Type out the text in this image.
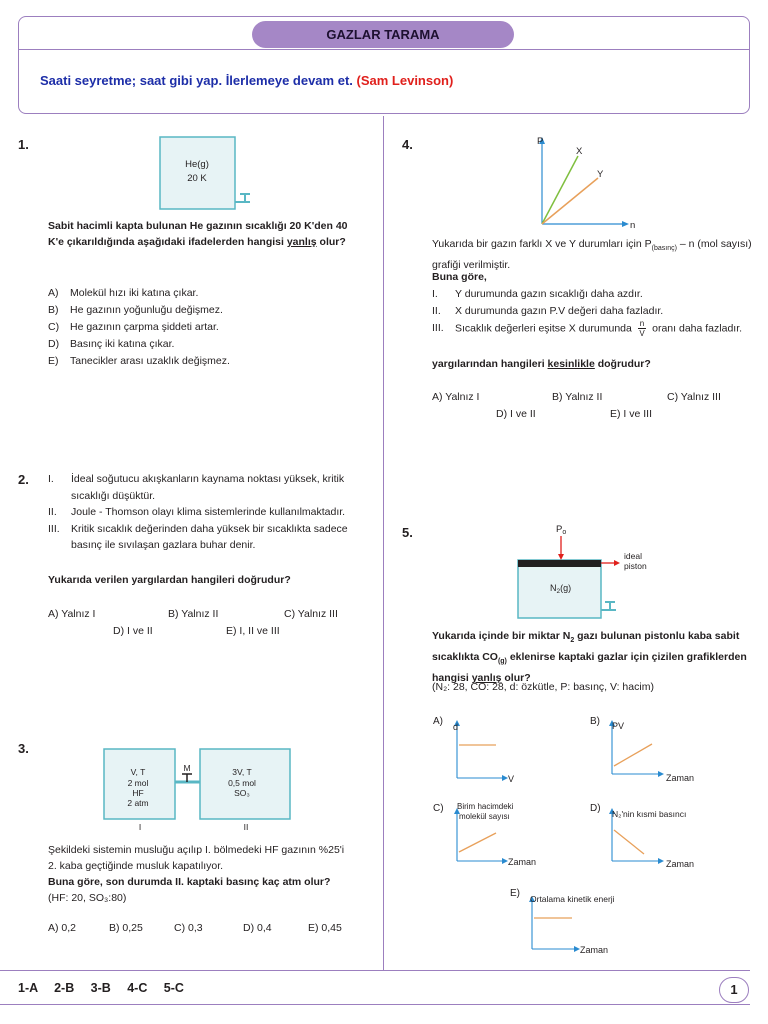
GAZLAR TARAMA
Saati seyretme; saat gibi yap. İlerlemeye devam et. (Sam Levinson)
1.
He(g)
20 K
Sabit hacimli kapta bulunan He gazının sıcaklığı 20 K'den 40 K'e çıkarıldığında aşağıdaki ifadelerden hangisi yanlış olur?
A) Molekül hızı iki katına çıkar.
B) He gazının yoğunluğu değişmez.
C) He gazının çarpma şiddeti artar.
D) Basınç iki katına çıkar.
E) Tanecikler arası uzaklık değişmez.
2. I. İdeal soğutucu akışkanların kaynama noktası yüksek, kritik sıcaklığı düşüktür.
II. Joule - Thomson olayı klima sistemlerinde kullanılmaktadır.
III. Kritik sıcaklık değerinden daha yüksek bir sıcaklıkta sadece basınç ile sıvılaşan gazlara buhar denir.
Yukarıda verilen yargılardan hangileri doğrudur?
A) Yalnız I	B) Yalnız II	C) Yalnız III
D) I ve II	E) I, II ve III
3.
M
V, T
2 mol
HF
2 atm
3V, T
0,5 mol
SO₃
I	II
Şekildeki sistemin musluğu açılıp I. bölmedeki HF gazının %25'i 2. kaba geçtiğinde musluk kapatılıyor.
Buna göre, son durumda II. kaptaki basınç kaç atm olur?
(HF: 20, SO₃:80)
A) 0,2	B) 0,25	C) 0,3	D) 0,4	E) 0,45
4.	P
n
X
Y
Yukarıda bir gazın farklı X ve Y durumları için $P_{(basınç)}$ – n (mol sayısı) grafiği verilmiştir.
Buna göre,
I. Y durumunda gazın sıcaklığı daha azdır.
II. X durumunda gazın P.V değeri daha fazladır.
III. Sıcaklık değerleri eşitse X durumunda $\frac{n}{V}$ oranı daha fazladır.
yargılarından hangileri kesinlikle doğrudur?
A) Yalnız I	B) Yalnız II	C) Yalnız III
D) I ve II	E) I ve III
5.	$P_o$
ideal
piston
$N_2(g)$
Yukarıda içinde bir miktar $N_2$ gazı bulunan pistonlu kaba sabit sıcaklıkta $CO_{(g)}$ eklenirse kaptaki gazlar için çizilen grafiklerden hangisi yanlış olur?
(N₂: 28, CO: 28, d: özkütle, P: basınç, V: hacim)
A) d
V
B) PV
Zaman
C) Birim hacimdeki
molekül sayısı
Zaman
D) N₂'nin kısmi basıncı
Zaman
E) Ortalama kinetik enerji
Zaman
1-A   2-B   3-B   4-C   5-C	1
